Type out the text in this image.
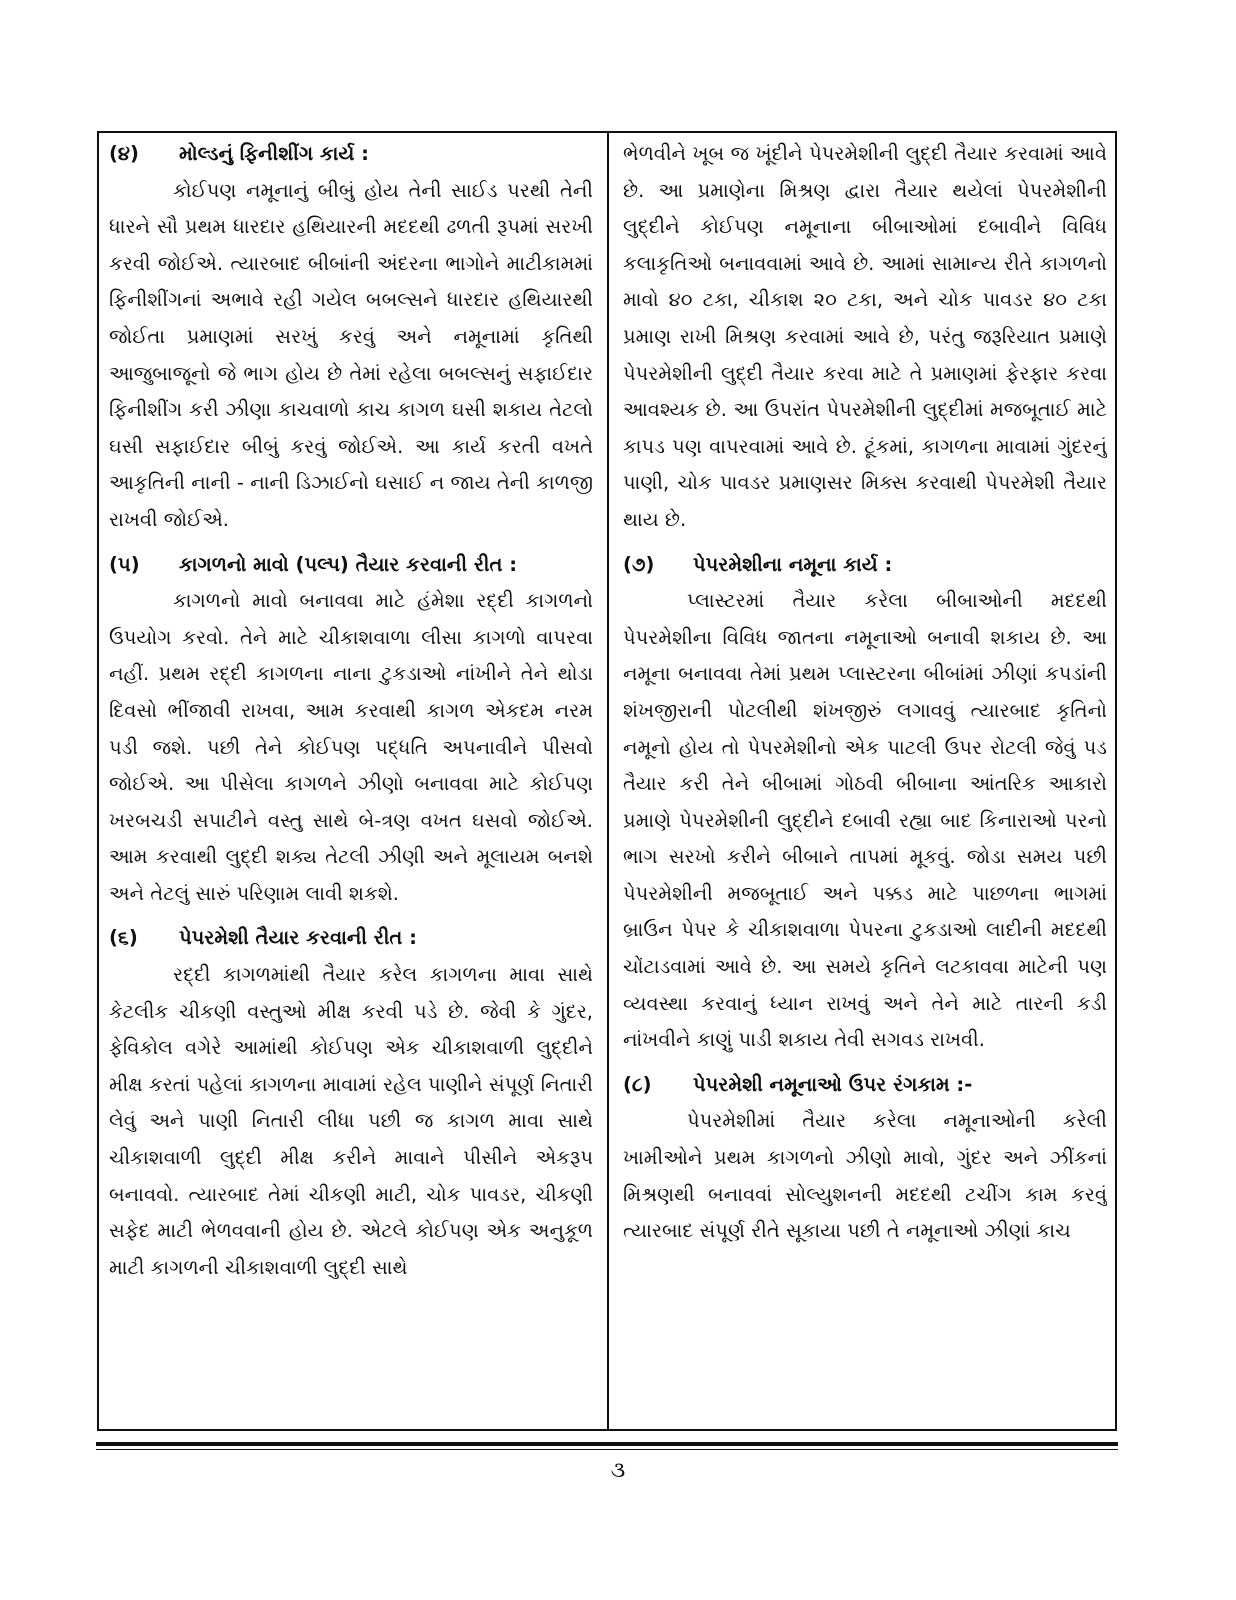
(૪)	મોલ્ડનું ફિનીશીંગ કાર્ય :

કોઈપણ નમૂનાનું બીબું હોય તેની સાઈડ પરથી તેની ધારને સૌ પ્રથમ ધારદાર હથિયારની મદદથી ઢળતી રૂપમાં સરખી કરવી જોઈએ. ત્યારબાદ બીબાંની અંદરના ભાગોને માટીકામમાં ફિનીશીંગનાં અભાવે રહી ગયેલ બબલ્સને ધારદાર હથિયારથી જોઈતા પ્રમાણમાં સરખું કરવું અને નમૂનામાં કૃતિથી આજુબાજૂનો જે ભાગ હોય છે તેમાં રહેલા બબલ્સનું સફાઈદાર ફિનીશીંગ કરી ઝીણા કાચવાળો કાચ કાગળ ઘસી શકાય તેટલો ઘસી સફાઈદાર બીબું કરવું જોઈએ. આ કાર્ય કરતી વખતે આકૃતિની નાની - નાની ડિઝાઈનો ઘસાઈ ન જાય તેની કાળજી રાખવી જોઈએ.

(૫)	કાગળનો માવો (પલ્પ) તૈયાર કરવાની રીત :

કાગળનો માવો બનાવવા માટે હંમેશા રદ્દી કાગળનો ઉપયોગ કરવો. તેને માટે ચીકાશવાળા લીસા કાગળો વાપરવા નહીં. પ્રથમ રદ્દી કાગળના નાના ટુકડાઓ નાંખીને તેને થોડા દિવસો ભીંજાવી રાખવા, આમ કરવાથી કાગળ એકદમ નરમ પડી જશે. પછી તેને કોઈપણ પદ્ધતિ અપનાવીને પીસવો જોઈએ. આ પીસેલા કાગળને ઝીણો બનાવવા માટે કોઈપણ ખરબચડી સપાટીને વસ્તુ સાથે બે-ત્રણ વખત ઘસવો જોઈએ. આમ કરવાથી લુદ્દી શક્ય તેટલી ઝીણી અને મૂલાયમ બનશે અને તેટલું સારું પરિણામ લાવી શકશે.

(૬)	પેપરમેશી તૈયાર કરવાની રીત :

રદ્દી કાગળમાંથી તૈયાર કરેલ કાગળના માવા સાથે કેટલીક ચીકણી વસ્તુઓ મીક્ષ કરવી પડે છે. જેવી કે ગુંદર, ફેવિકોલ વગેરે આમાંથી કોઈપણ એક ચીકાશવાળી લુદ્દીને મીક્ષ કરતાં પહેલાં કાગળના માવામાં રહેલ પાણીને સંપૂર્ણ નિતારી લેવું અને પાણી નિતારી લીધા પછી જ કાગળ માવા સાથે ચીકાશવાળી લુદ્દી મીક્ષ કરીને માવાને પીસીને એકરૂપ બનાવવો. ત્યારબાદ તેમાં ચીકણી માટી, ચોક પાવડર, ચીકણી સફેદ માટી ભેળવવાની હોય છે. એટલે કોઈપણ એક અનુકૂળ માટી કાગળની ચીકાશવાળી લુદ્દી સાથે

ભેળવીને ખૂબ જ ખૂંદીને પેપરમેશીની લુદ્દી તૈયાર કરવામાં આવે છે. આ પ્રમાણેના મિશ્રણ દ્વારા તૈયાર થયેલાં પેપરમેશીની લુદ્દીને કોઈપણ નમૂનાના બીબાઓમાં દબાવીને વિવિધ કલાકૃતિઓ બનાવવામાં આવે છે. આમાં સામાન્ય રીતે કાગળનો માવો ૪૦ ટકા, ચીકાશ ૨૦ ટકા, અને ચોક પાવડર ૪૦ ટકા પ્રમાણ રાખી મિશ્રણ કરવામાં આવે છે, પરંતુ જરૂરિયાત પ્રમાણે પેપરમેશીની લુદ્દી તૈયાર કરવા માટે તે પ્રમાણમાં ફેરફાર કરવા આવશ્યક છે. આ ઉપરાંત પેપરમેશીની લુદ્દીમાં મજબૂતાઈ માટે કાપડ પણ વાપરવામાં આવે છે. ટૂંકમાં, કાગળના માવામાં ગુંદરનું પાણી, ચોક પાવડર પ્રમાણસર મિક્સ કરવાથી પેપરમેશી તૈયાર થાય છે.

(૭)	પેપરમેશીના નમૂના કાર્ય :

પ્લાસ્ટરમાં તૈયાર કરેલા બીબાઓની મદદથી પેપરમેશીના વિવિધ જાતના નમૂનાઓ બનાવી શકાય છે. આ નમૂના બનાવવા તેમાં પ્રથમ પ્લાસ્ટરના બીબાંમાં ઝીણાં કપડાંની શંખજીરાની પોટલીથી શંખજીરું લગાવવું ત્યારબાદ કૃતિનો નમૂનો હોય તો પેપરમેશીનો એક પાટલી ઉપર રોટલી જેવું પડ તૈયાર કરી તેને બીબામાં ગોઠવી બીબાના આંતરિક આકારો પ્રમાણે પેપરમેશીની લુદ્દીને દબાવી રહ્યા બાદ કિનારાઓ પરનો ભાગ સરખો કરીને બીબાને તાપમાં મૂકવું. જોડા સમય પછી પેપરમેશીની મજબૂતાઈ અને પક્કડ માટે પાછળના ભાગમાં બ્રાઉન પેપર કે ચીકાશવાળા પેપરના ટુકડાઓ લાદીની મદદથી ચોંટાડવામાં આવે છે. આ સમયે કૃતિને લટકાવવા માટેની પણ વ્યવસ્થા કરવાનું ધ્યાન રાખવું અને તેને માટે તારની કડી નાંખવીને કાણું પાડી શકાય તેવી સગવડ રાખવી.

(૮)	પેપરમેશી નમૂનાઓ ઉપર રંગકામ :-

પેપરમેશીમાં તૈયાર કરેલા નમૂનાઓની કરેલી ખામીઓને પ્રથમ કાગળનો ઝીણો માવો, ગુંદર અને ઝીંકનાં મિશ્રણથી બનાવવાં સોલ્યુશનની મદદથી ટચીંગ કામ કરવું ત્યારબાદ સંપૂર્ણ રીતે સૂકાયા પછી તે નમૂનાઓ ઝીણાં કાચ

૩
